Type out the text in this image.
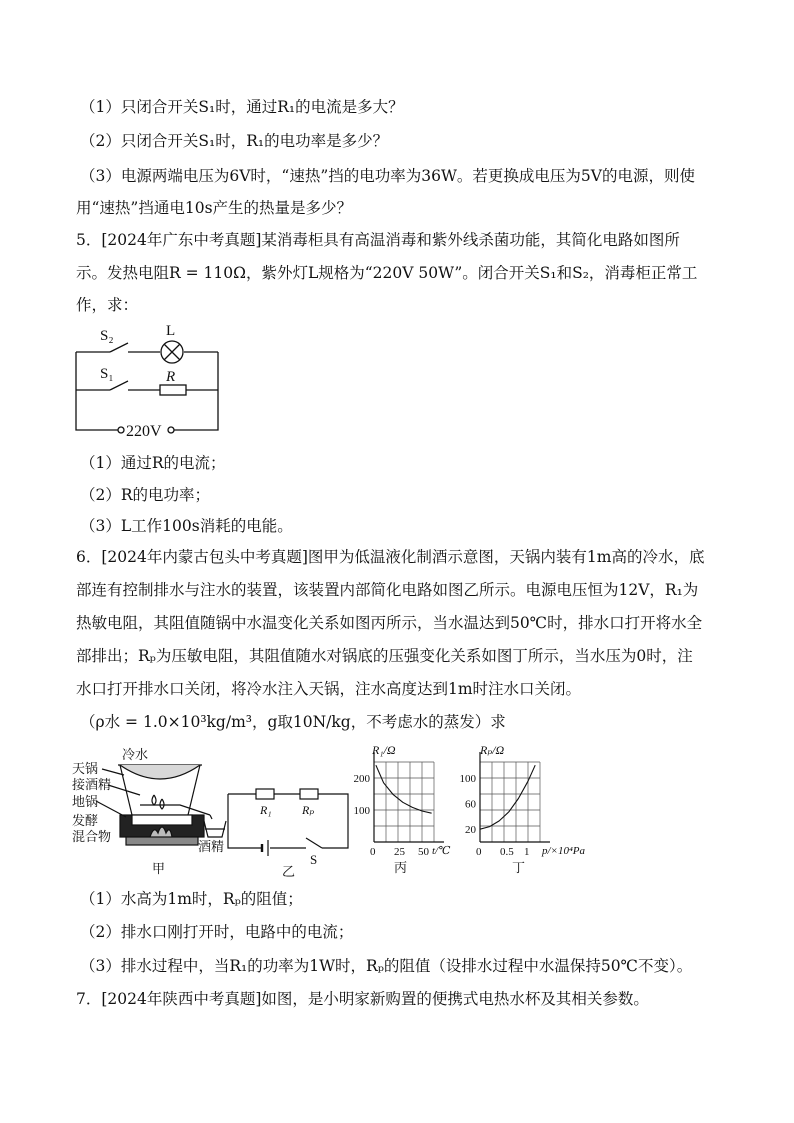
（1）只闭合开关S₁时，通过R₁的电流是多大？
（2）只闭合开关S₁时，R₁的电功率是多少？
（3）电源两端电压为6V时，“速热”挡的电功率为36W。若更换成电压为5V的电源，则使
用“速热”挡通电10s产生的热量是多少？
5．[2024年广东中考真题]某消毒柜具有高温消毒和紫外线杀菌功能，其简化电路如图所
示。发热电阻R = 110Ω，紫外灯L规格为“220V 50W”。闭合开关S₁和S₂，消毒柜正常工
作，求：
S₂
S₁
L
R
220V
（1）通过R的电流；
（2）R的电功率；
（3）L工作100s消耗的电能。
6．[2024年内蒙古包头中考真题]图甲为低温液化制酒示意图，天锅内装有1m高的冷水，底
部连有控制排水与注水的装置，该装置内部简化电路如图乙所示。电源电压恒为12V，R₁为
热敏电阻，其阻值随锅中水温变化关系如图丙所示，当水温达到50℃时，排水口打开将水全
部排出；Rₚ为压敏电阻，其阻值随水对锅底的压强变化关系如图丁所示，当水压为0时，注
水口打开排水口关闭，将冷水注入天锅，注水高度达到1m时注水口关闭。
（ρ水 = 1.0×10³kg/m³，g取10N/kg，不考虑水的蒸发）求
冷水
天锅
接酒精
地锅
发酵
混合物
酒精
甲
R₁	Rₚ
S
乙
R₁/Ω
t/℃
丙
0 25 50
100
200
Rₚ/Ω
p/×10⁴Pa
丁
0 0.5 1
20
60
100
（1）水高为1m时，Rₚ的阻值；
（2）排水口刚打开时，电路中的电流；
（3）排水过程中，当R₁的功率为1W时，Rₚ的阻值（设排水过程中水温保持50℃不变）。
7．[2024年陕西中考真题]如图，是小明家新购置的便携式电热水杯及其相关参数。
